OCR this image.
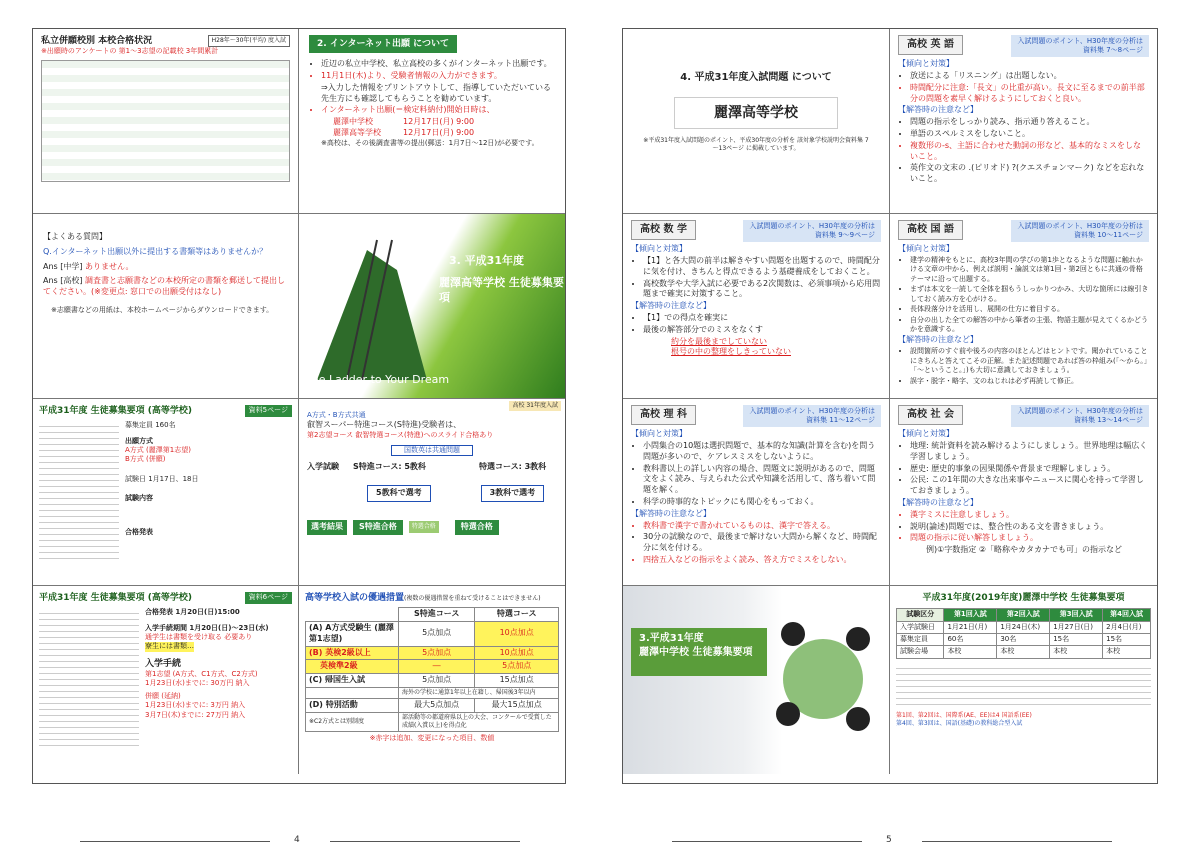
私立併願校別 本校合格状況	H28年～30年(平均) 度入試
※出願時のアンケートの 第1～3志望の記載校 3年間累計
2. インターネット出願 について
• 近辺の私立中学校、私立高校の多くがインターネット出願です。
• 11月1日(木)より、受験者情報の入力ができます。
⇒入力した情報をプリントアウトして、指導していただいている先生方にも確認してもらうことを勧めています。
• インターネット出願(＝検定料納付)開始日時は、
麗澤中学校	12月17日(月) 9:00
麗澤高等学校	12月17日(月) 9:00
※高校は、その後調査書等の提出(郵送：1月7日～12日)が必要です。
【よくある質問】
Q.インターネット出願以外に提出する書類等はありませんか？
Ans [中学] ありません。
Ans [高校] 調査書と志願書などの本校所定の書類を郵送して提出してください。(※変更点: 窓口での出願受付はなし)
※志願書などの用紙は、本校ホームページからダウンロードできます。
3. 平成31年度
麗澤高等学校 生徒募集要項
The Ladder to Your Dream
平成31年度 生徒募集要項 (高等学校)	資料5ページ
募集定員 160名
出願方式
A方式 (麗澤第1志望)
B方式 (併願)
試験日 1月17日、18日
試験内容
合格発表
高校 31年度入試
A方式・B方式共通
叡智スーパー特進コース(S特進)受験者は、
第2志望コース 叡智特選コース(特進)へのスライド合格あり
国数英は共通問題
入学試験	S特進コース: 5教科	特選コース: 3教科
5教科で選考	3教科で選考
選考結果	S特進合格	特選合格	特選合格
平成31年度 生徒募集要項 (高等学校)	資料6ページ
合格発表 1月20日(日)15:00
入学手続期間 1月20日(日)～23日(水)
通学生は書類を受け取る 必要あり
寮生には書類…
入学手続
第1志望 (A方式、C1方式、C2方式)
1月23日(水)までに: 30万円 納入
併願 (延納)
1月23日(水)までに: 3万円 納入
3月7日(木)までに: 27万円 納入
高等学校入試の優遇措置(複数の優遇措置を重ねて受けることはできません)
	S特進コース	特選コース
(A) A方式受験生 (麗澤第1志望)	5点加点	10点加点
(B) 英検2級以上	5点加点	10点加点
英検準2級	―	5点加点
(C) 帰国生入試	5点加点	15点加点
	海外の学校に通算1年以上在籍し、帰国後3年以内	
(D) 特別活動	最大5点加点	最大15点加点
※C2方式とは別制度	部活動等の都道府県以上の大会、コンクールで受賞した成績(入賞以上)を得点化	
※赤字は追加、変更になった項目、数値
4
4. 平成31年度入試問題 について
麗澤高等学校
※平成31年度入試問題のポイント、平成30年度の分析を 該対象学校説明会資料集 7～13ページ に掲載しています。
高校 英 語	入試問題のポイント、H30年度の分析は
資料集 7～8ページ
【傾向と対策】
• 放送による「リスニング」は出題しない。
• 時間配分に注意:「長文」の比重が高い。長文に至るまでの前半部分の問題を素早く解けるようにしておくと良い。
【解答時の注意など】
• 問題の指示をしっかり読み、指示通り答えること。
• 単語のスペルミスをしないこと。
• 複数形の-s、主語に合わせた動詞の形など、基本的なミスをしないこと。
• 英作文の文末の .(ピリオド) ?(クエスチョンマーク) などを忘れないこと。
高校 数 学	入試問題のポイント、H30年度の分析は
資料集 9～9ページ
【傾向と対策】
• 【1】と各大問の前半は解きやすい問題を出題するので、時間配分に気を付け、きちんと得点できるよう基礎養成をしておくこと。
• 高校数学や大学入試に必要である2次関数は、必須事項から応用問題まで確実に対策すること。
【解答時の注意など】
• 【1】での得点を確実に
• 最後の解答部分でのミスをなくす
約分を最後までしていない
根号の中の整理をしきっていない
高校 国 語	入試問題のポイント、H30年度の分析は
資料集 10～11ページ
【傾向と対策】
• 建学の精神をもとに、高校3年間の学びの第1歩となるような問題に触れかける文章の中から、例えば説明・論説文は第1回・第2回ともに共通の骨格テーマに沿って出題する。
• まずは本文を一読して全体を掴もうしっかりつかみ、大切な箇所には線引きしておく読み方を心がける。
• 長体段落分けを活用し、展開の仕方に着目する。
• 自分の出した全ての解答の中から筆者の主張、物語主題が見えてくるかどうかを意識する。
【解答時の注意など】
• 設問箇所のすぐ前や後ろの内容のほとんどはヒントです。聞かれていることにきちんと答えてこその正解。また記述問題であれば答の枠組み(「～から。」「～ということ。」)も大切に意識しておきましょう。
• 誤字・脱字・略字、文のねじれは必ず再読して修正。
高校 理 科	入試問題のポイント、H30年度の分析は
資料集 11～12ページ
【傾向と対策】
• 小問集合の10題は選択問題で、基本的な知識(計算を含む)を問う問題が多いので、ケアレスミスをしないように。
• 教科書以上の詳しい内容の場合、問題文に説明があるので、問題文をよく読み、与えられた公式や知識を活用して、落ち着いて問題を解く。
• 科学の時事的なトピックにも関心をもっておく。
【解答時の注意など】
• 教科書で漢字で書かれているものは、漢字で答える。
• 30分の試験なので、最後まで解けない大問から解くなど、時間配分に気を付ける。
• 四捨五入などの指示をよく読み、答え方でミスをしない。
高校 社 会	入試問題のポイント、H30年度の分析は
資料集 13～14ページ
【傾向と対策】
• 地理: 統計資料を読み解けるようにしましょう。世界地理は幅広く学習しましょう。
• 歴史: 歴史的事象の因果関係や背景まで理解しましょう。
• 公民: この1年間の大きな出来事やニュースに関心を持って学習しておきましょう。
【解答時の注意など】
• 漢字ミスに注意しましょう。
• 説明(論述)問題では、整合性のある文を書きましょう。
• 問題の指示に従い解答しましょう。
例)①字数指定 ②「略称やカタカナでも可」の指示など
3.平成31年度
麗澤中学校 生徒募集要項
平成31年度(2019年度)麗澤中学校 生徒募集要項
試験区分	第1回入試	第2回入試	第3回入試	第4回入試
入学試験日	1月21日(月)	1月24日(木)	1月27日(日)	2月4日(月)
募集定員	60名	30名	15名	15名
試験会場	本校	本校	本校	本校
第1回、第2回は、国際系(AE、EE)は4 国語系(EE)
第4回、第3回は、国語(基礎)の教科総合型入試
5
